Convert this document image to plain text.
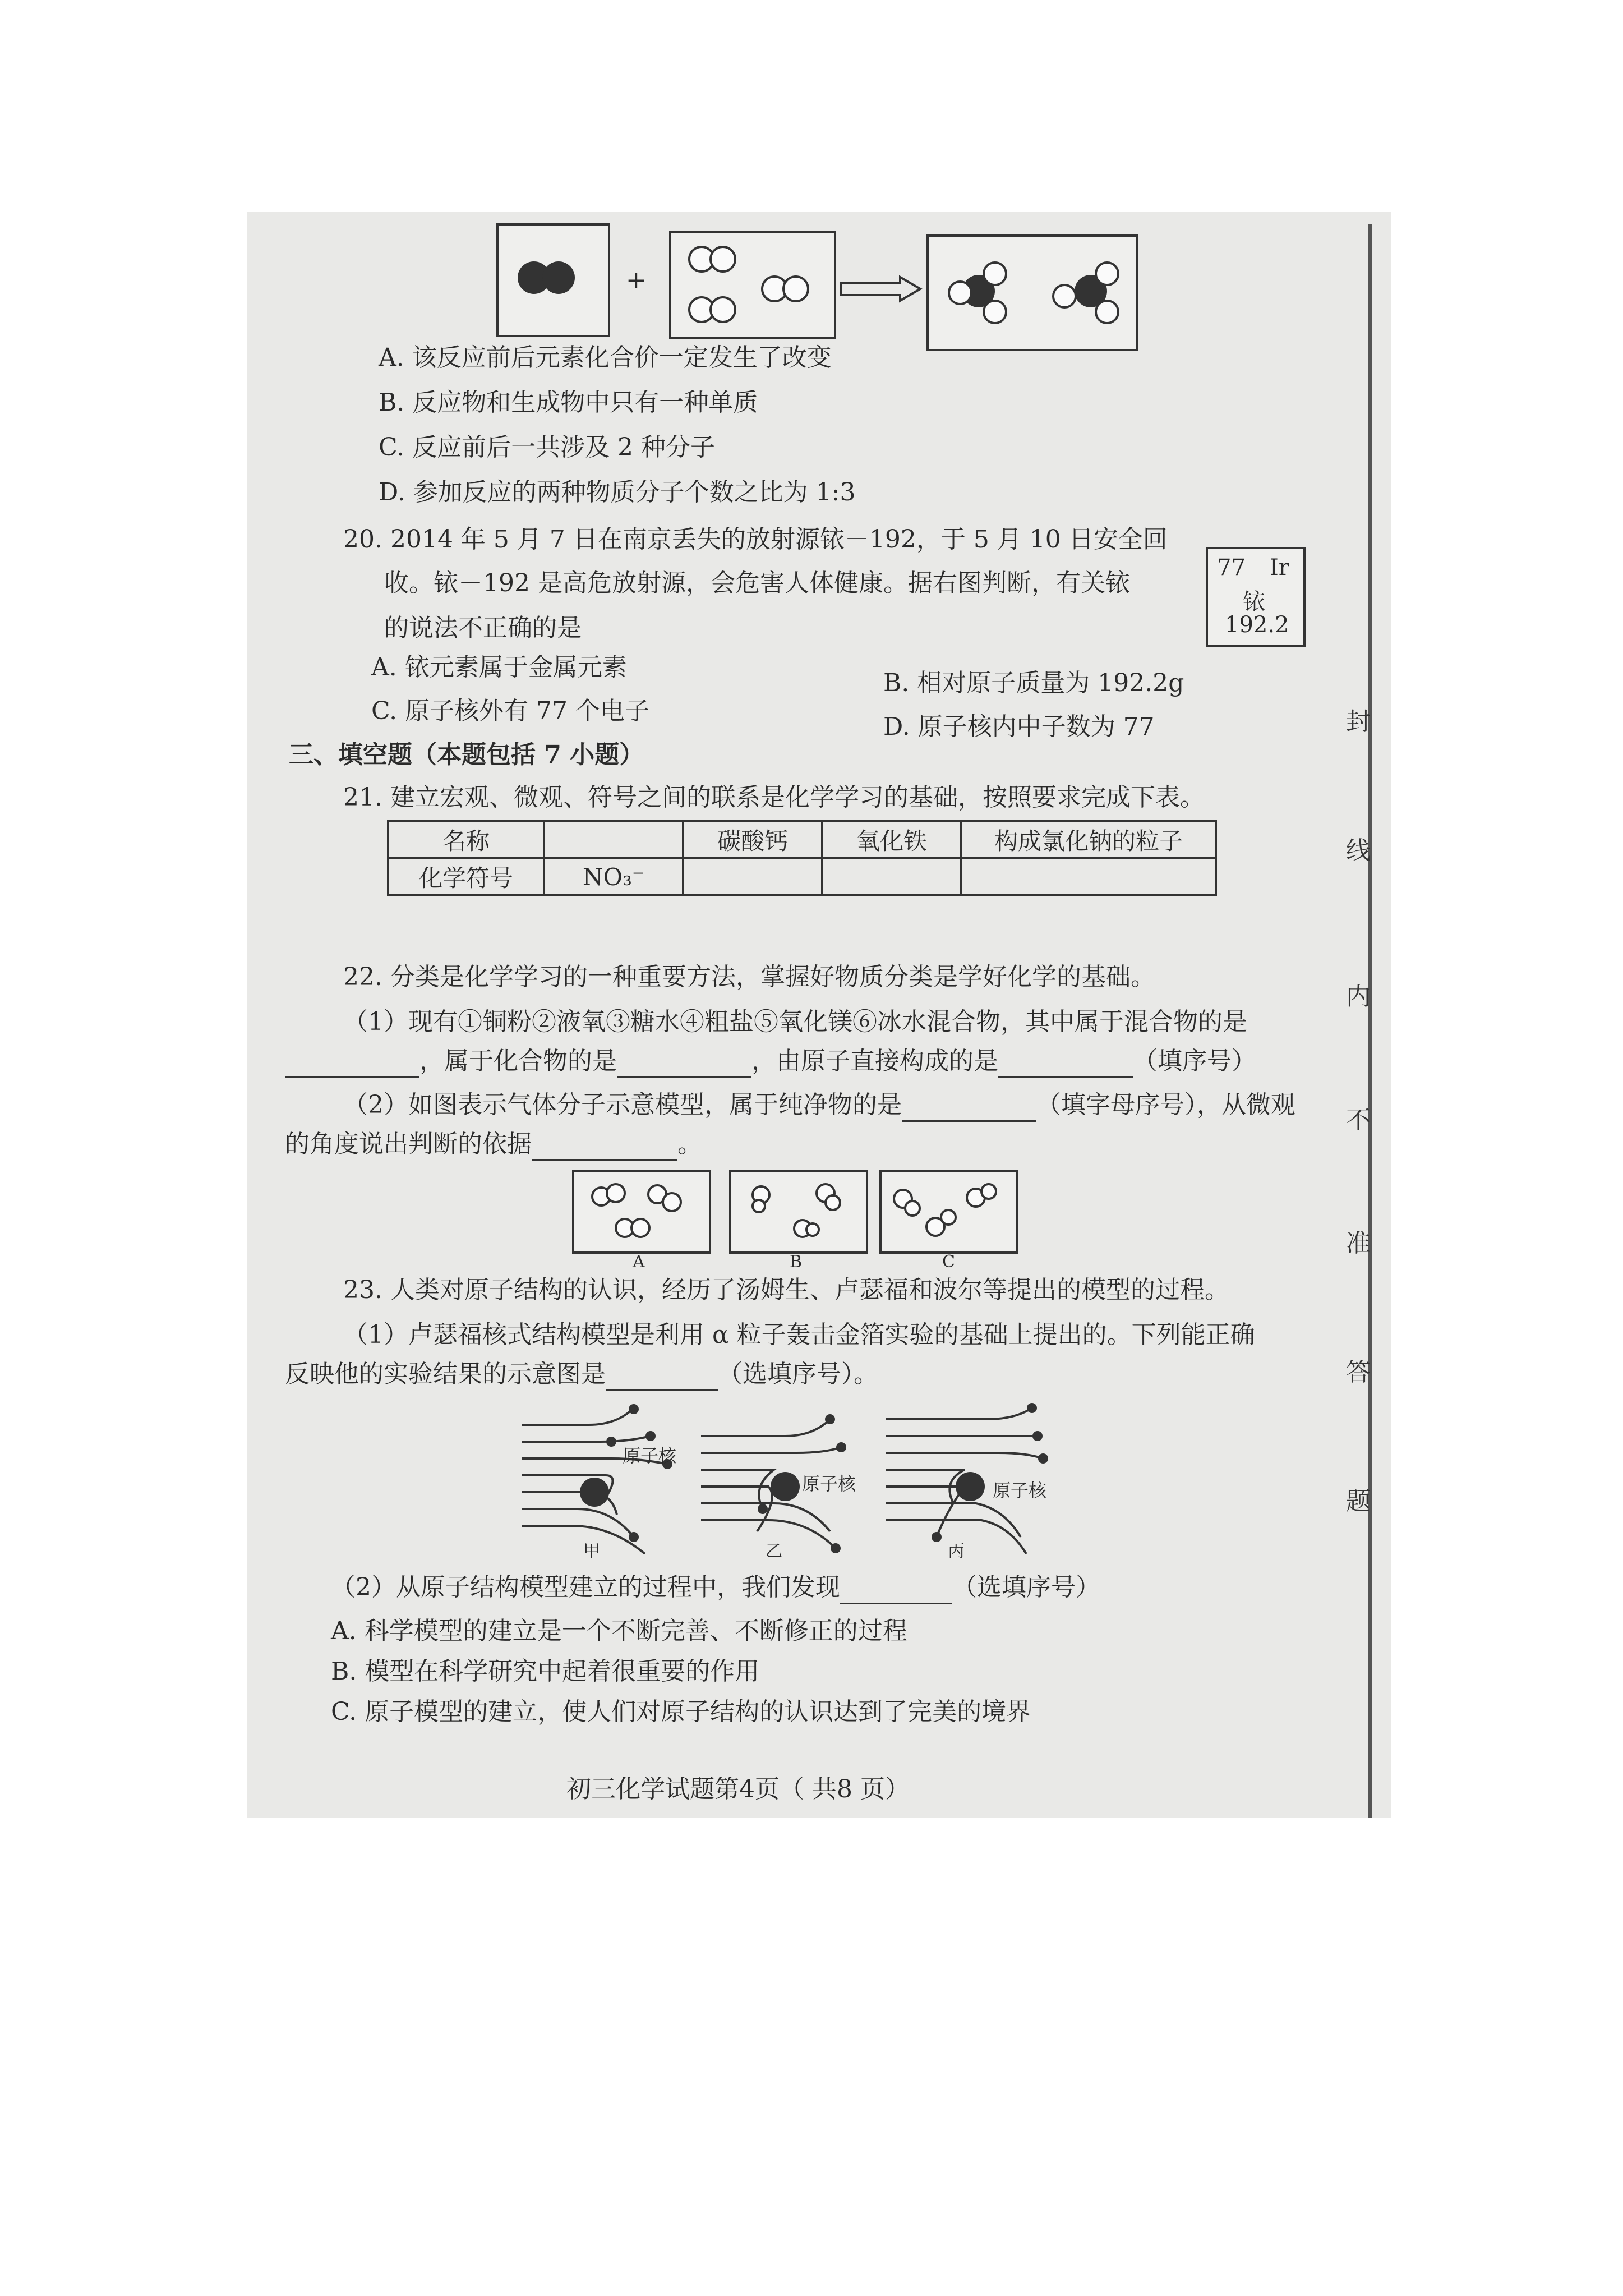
+
A. 该反应前后元素化合价一定发生了改变
B. 反应物和生成物中只有一种单质
C. 反应前后一共涉及 2 种分子
D. 参加反应的两种物质分子个数之比为 1:3
20. 2014 年 5 月 7 日在南京丢失的放射源铱－192，于 5 月 10 日安全回
收。铱－192 是高危放射源，会危害人体健康。据右图判断，有关铱
的说法不正确的是
77 Ir
铱
192.2
A. 铱元素属于金属元素
B. 相对原子质量为 192.2g
C. 原子核外有 77 个电子
D. 原子核内中子数为 77
三、填空题（本题包括 7 小题）
21. 建立宏观、微观、符号之间的联系是化学学习的基础，按照要求完成下表。
名称		碳酸钙	氧化铁	构成氯化钠的粒子
化学符号	NO₃⁻			
22. 分类是化学学习的一种重要方法，掌握好物质分类是学好化学的基础。
（1）现有①铜粉②液氧③糖水④粗盐⑤氧化镁⑥冰水混合物，其中属于混合物的是
，属于化合物的是	，由原子直接构成的是	（填序号）
（2）如图表示气体分子示意模型，属于纯净物的是	（填字母序号），从微观
的角度说出判断的依据	。
A	B	C
23. 人类对原子结构的认识，经历了汤姆生、卢瑟福和波尔等提出的模型的过程。
（1）卢瑟福核式结构模型是利用 α 粒子轰击金箔实验的基础上提出的。下列能正确
反映他的实验结果的示意图是	（选填序号）。
原子核
甲
原子核
乙
原子核
丙
（2）从原子结构模型建立的过程中，我们发现	（选填序号）
A. 科学模型的建立是一个不断完善、不断修正的过程
B. 模型在科学研究中起着很重要的作用
C. 原子模型的建立，使人们对原子结构的认识达到了完美的境界
初三化学试题第4页（ 共8 页）
封
线
内
不
准
答
题
